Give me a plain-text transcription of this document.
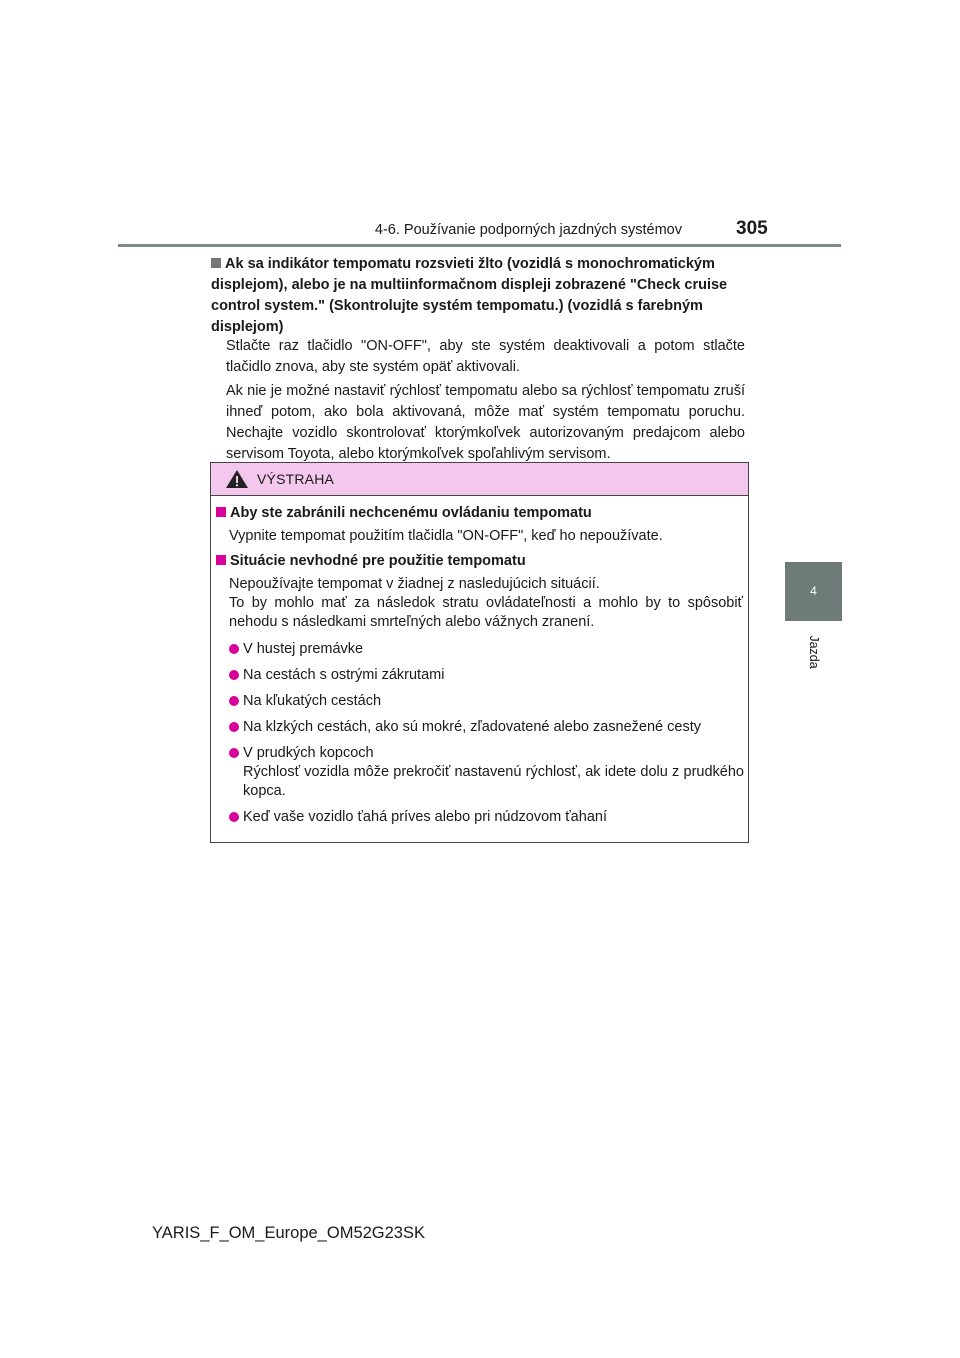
4-6. Používanie podporných jazdných systémov	305
4
Jazda
Ak sa indikátor tempomatu rozsvieti žlto (vozidlá s monochromatickým displejom), alebo je na multiinformačnom displeji zobrazené "Check cruise control system." (Skontrolujte systém tempomatu.) (vozidlá s farebným displejom)

Stlačte raz tlačidlo "ON-OFF", aby ste systém deaktivovali a potom stlačte tlačidlo znova, aby ste systém opäť aktivovali.

Ak nie je možné nastaviť rýchlosť tempomatu alebo sa rýchlosť tempomatu zruší ihneď potom, ako bola aktivovaná, môže mať systém tempomatu poruchu. Nechajte vozidlo skontrolovať ktorýmkoľvek autorizovaným predajcom alebo servisom Toyota, alebo ktorýmkoľvek spoľahlivým servisom.

VÝSTRAHA
Aby ste zabránili nechcenému ovládaniu tempomatu
Vypnite tempomat použitím tlačidla "ON-OFF", keď ho nepoužívate.
Situácie nevhodné pre použitie tempomatu
Nepoužívajte tempomat v žiadnej z nasledujúcich situácií.
To by mohlo mať za následok stratu ovládateľnosti a mohlo by to spôsobiť nehodu s následkami smrteľných alebo vážnych zranení.
V hustej premávke
Na cestách s ostrými zákrutami
Na kľukatých cestách
Na klzkých cestách, ako sú mokré, zľadovatené alebo zasnežené cesty
V prudkých kopcoch
Rýchlosť vozidla môže prekročiť nastavenú rýchlosť, ak idete dolu z prudkého kopca.
Keď vaše vozidlo ťahá príves alebo pri núdzovom ťahaní
YARIS_F_OM_Europe_OM52G23SK
